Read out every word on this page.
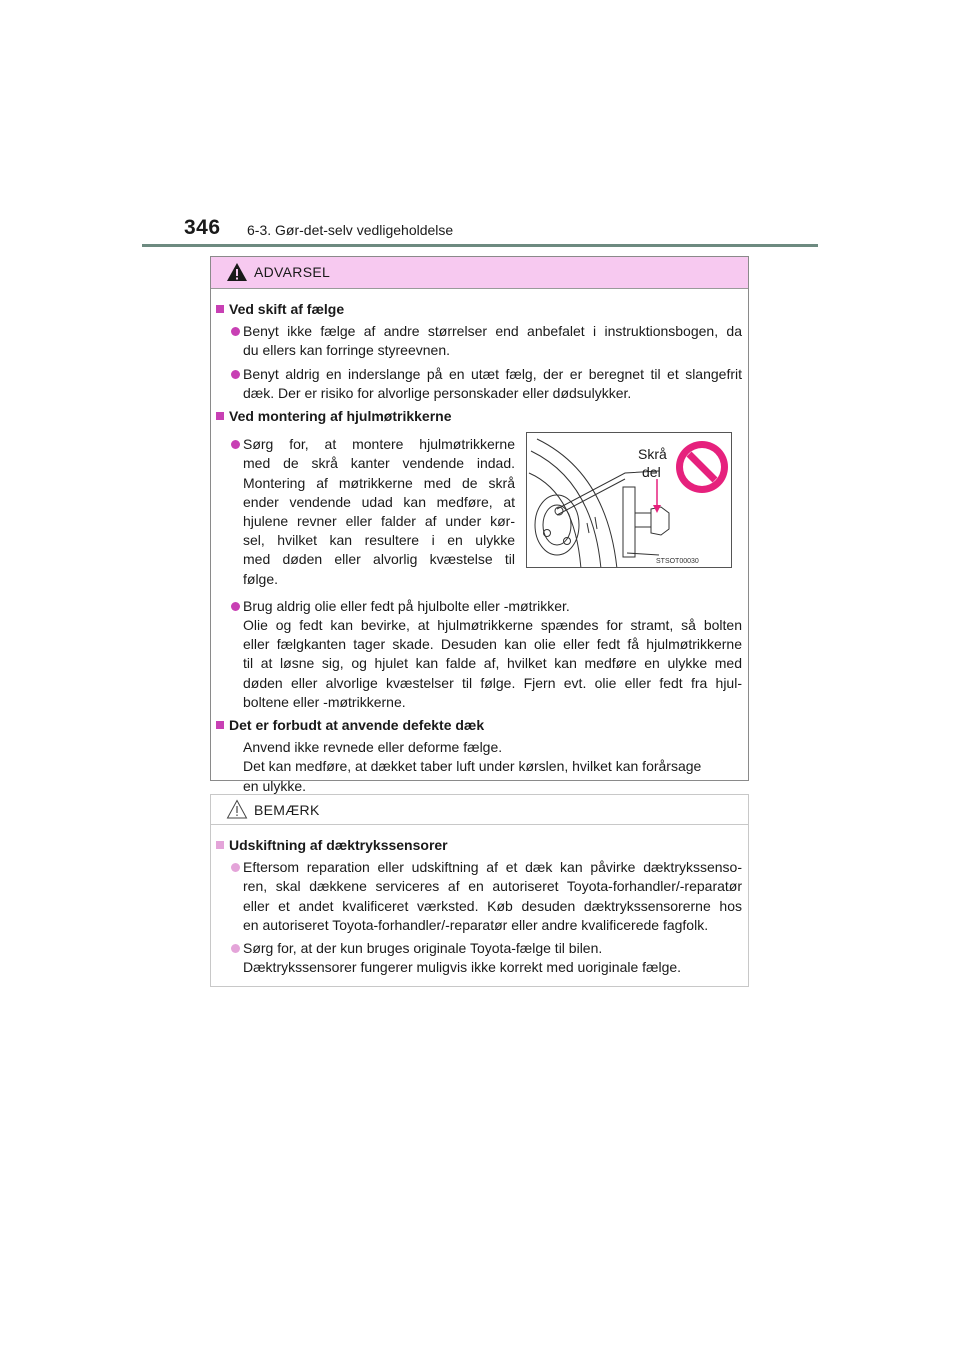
346 6-3. Gør-det-selv vedligeholdelse
ADVARSEL
Ved skift af fælge
Benyt ikke fælge af andre størrelser end anbefalet i instruktionsbogen, da
du ellers kan forringe styreevnen.
Benyt aldrig en inderslange på en utæt fælg, der er beregnet til et slangefrit
dæk. Der er risiko for alvorlige personskader eller dødsulykker.
Ved montering af hjulmøtrikkerne
Sørg for, at montere hjulmøtrikkerne
med de skrå kanter vendende indad.
Montering af møtrikkerne med de skrå
ender vendende udad kan medføre, at
hjulene revner eller falder af under kør-
sel, hvilket kan resultere i en ulykke
med døden eller alvorlig kvæstelse til
følge.
Brug aldrig olie eller fedt på hjulbolte eller -møtrikker.
Olie og fedt kan bevirke, at hjulmøtrikkerne spændes for stramt, så bolten
eller fælgkanten tager skade. Desuden kan olie eller fedt få hjulmøtrikkerne
til at løsne sig, og hjulet kan falde af, hvilket kan medføre en ulykke med
døden eller alvorlige kvæstelser til følge. Fjern evt. olie eller fedt fra hjul-
boltene eller -møtrikkerne.
Det er forbudt at anvende defekte dæk
Anvend ikke revnede eller deforme fælge.
Det kan medføre, at dækket taber luft under kørslen, hvilket kan forårsage
en ulykke.
Skrå
del
STSOT00030
BEMÆRK
Udskiftning af dæktrykssensorer
Eftersom reparation eller udskiftning af et dæk kan påvirke dæktrykssenso-
ren, skal dækkene serviceres af en autoriseret Toyota-forhandler/-reparatør
eller et andet kvalificeret værksted. Køb desuden dæktrykssensorerne hos
en autoriseret Toyota-forhandler/-reparatør eller andre kvalificerede fagfolk.
Sørg for, at der kun bruges originale Toyota-fælge til bilen.
Dæktrykssensorer fungerer muligvis ikke korrekt med uoriginale fælge.
